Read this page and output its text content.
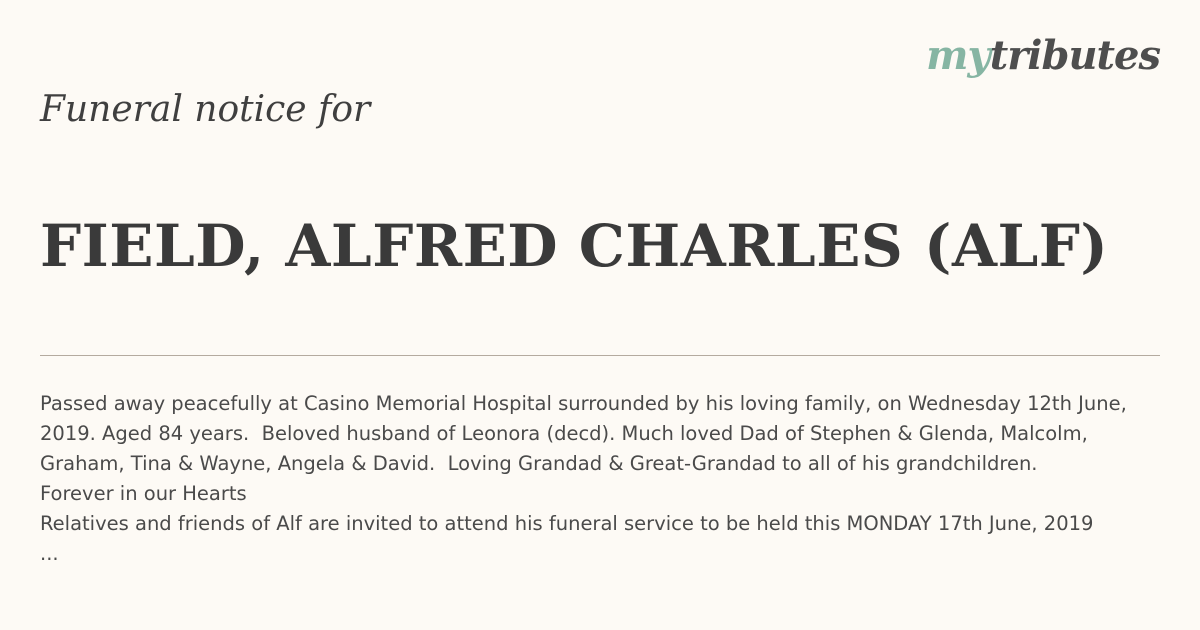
mytributes
Funeral notice for
FIELD, ALFRED CHARLES (ALF)

Passed away peacefully at Casino Memorial Hospital surrounded by his loving family, on Wednesday 12th June, 2019. Aged 84 years.  Beloved husband of Leonora (decd). Much loved Dad of Stephen & Glenda, Malcolm, Graham, Tina & Wayne, Angela & David.  Loving Grandad & Great-Grandad to all of his grandchildren.

Forever in our Hearts

Relatives and friends of Alf are invited to attend his funeral service to be held this MONDAY 17th June, 2019

...
